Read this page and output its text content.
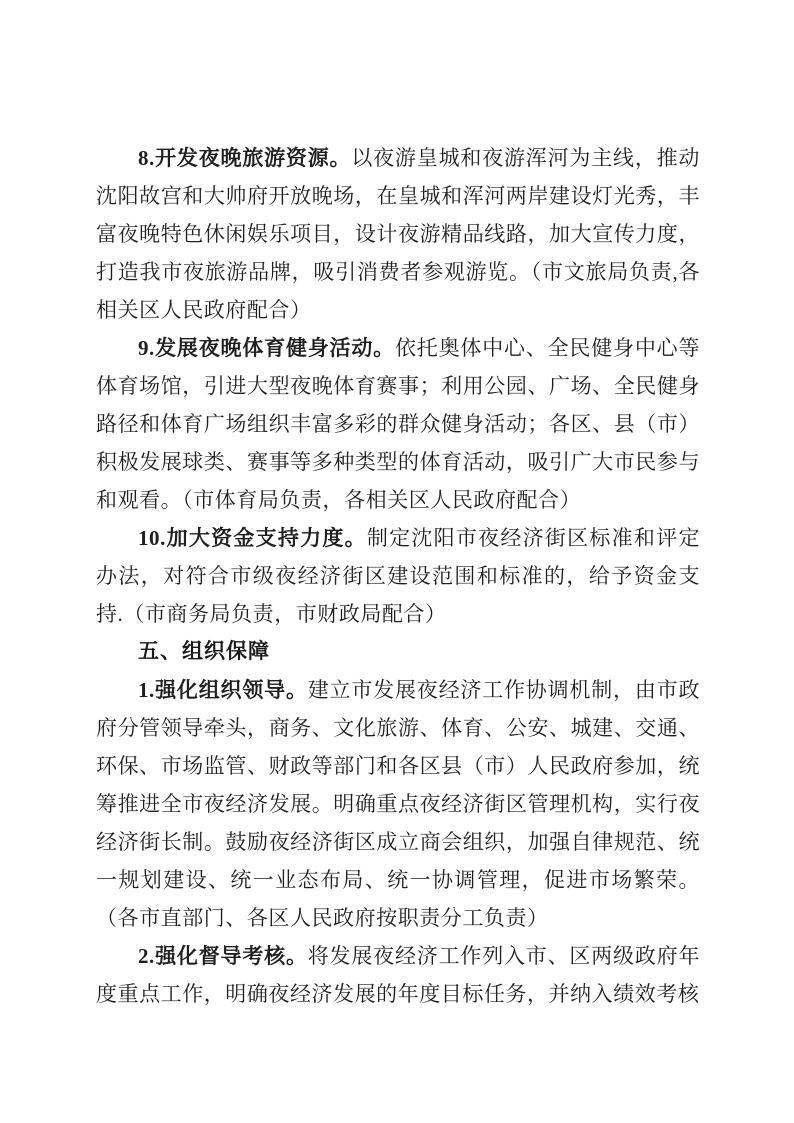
8.开发夜晚旅游资源。以夜游皇城和夜游浑河为主线，推动沈阳故宫和大帅府开放晚场，在皇城和浑河两岸建设灯光秀，丰富夜晚特色休闲娱乐项目，设计夜游精品线路，加大宣传力度，打造我市夜旅游品牌，吸引消费者参观游览。（市文旅局负责,各相关区人民政府配合）

9.发展夜晚体育健身活动。依托奥体中心、全民健身中心等体育场馆，引进大型夜晚体育赛事；利用公园、广场、全民健身路径和体育广场组织丰富多彩的群众健身活动；各区、县（市）积极发展球类、赛事等多种类型的体育活动，吸引广大市民参与和观看。（市体育局负责，各相关区人民政府配合）

10.加大资金支持力度。制定沈阳市夜经济街区标准和评定办法，对符合市级夜经济街区建设范围和标准的，给予资金支持.（市商务局负责，市财政局配合）

五、组织保障

1.强化组织领导。建立市发展夜经济工作协调机制，由市政府分管领导牵头，商务、文化旅游、体育、公安、城建、交通、环保、市场监管、财政等部门和各区县（市）人民政府参加，统筹推进全市夜经济发展。明确重点夜经济街区管理机构，实行夜经济街长制。鼓励夜经济街区成立商会组织，加强自律规范、统一规划建设、统一业态布局、统一协调管理，促进市场繁荣。（各市直部门、各区人民政府按职责分工负责）

2.强化督导考核。将发展夜经济工作列入市、区两级政府年度重点工作，明确夜经济发展的年度目标任务，并纳入绩效考核
